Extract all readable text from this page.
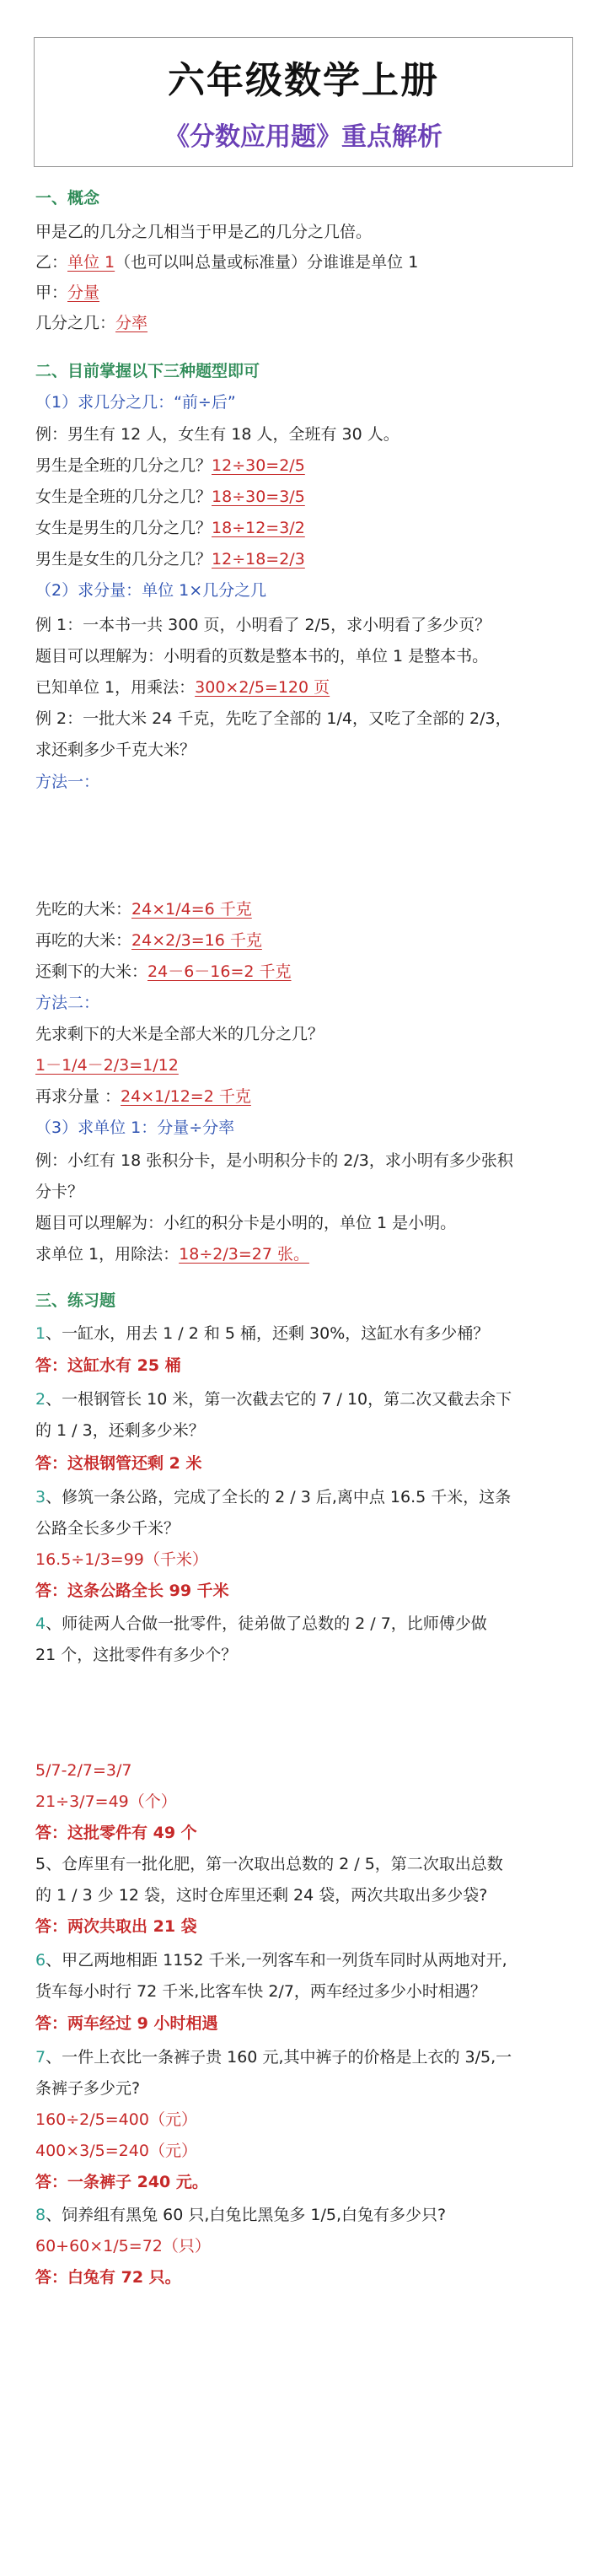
六年级数学上册
《分数应用题》重点解析
一、概念
甲是乙的几分之几相当于甲是乙的几分之几倍。
乙：单位 1（也可以叫总量或标准量）分谁谁是单位 1
甲：分量
几分之几：分率
二、目前掌握以下三种题型即可
（1）求几分之几：“前÷后”
例：男生有 12 人，女生有 18 人，全班有 30 人。
男生是全班的几分之几？12÷30=2/5
女生是全班的几分之几？18÷30=3/5
女生是男生的几分之几？18÷12=3/2
男生是女生的几分之几？12÷18=2/3
（2）求分量：单位 1×几分之几
例 1：一本书一共 300 页，小明看了 2/5，求小明看了多少页？
题目可以理解为：小明看的页数是整本书的，单位 1 是整本书。
已知单位 1，用乘法：300×2/5=120 页
例 2：一批大米 24 千克，先吃了全部的 1/4，又吃了全部的 2/3，
求还剩多少千克大米？
方法一：
先吃的大米：24×1/4=6 千克
再吃的大米：24×2/3=16 千克
还剩下的大米：24－6－16=2 千克
方法二：
先求剩下的大米是全部大米的几分之几？
1－1/4－2/3=1/12
再求分量 ：24×1/12=2 千克
（3）求单位 1：分量÷分率
例：小红有 18 张积分卡，是小明积分卡的 2/3，求小明有多少张积
分卡？
题目可以理解为：小红的积分卡是小明的，单位 1 是小明。
求单位 1，用除法：18÷2/3=27 张。
三、练习题
1、一缸水，用去 1 / 2 和 5 桶，还剩 30%，这缸水有多少桶？
答：这缸水有 25 桶
2、一根钢管长 10 米，第一次截去它的 7 / 10，第二次又截去余下
的 1 / 3，还剩多少米？
答：这根钢管还剩 2 米
3、修筑一条公路，完成了全长的 2 / 3 后,离中点 16.5 千米，这条
公路全长多少千米？
16.5÷1/3=99（千米）
答：这条公路全长 99 千米
4、师徒两人合做一批零件，徒弟做了总数的 2 / 7，比师傅少做
21 个，这批零件有多少个？
5/7-2/7=3/7
21÷3/7=49（个）
答：这批零件有 49 个
5、仓库里有一批化肥，第一次取出总数的 2 / 5，第二次取出总数
的 1 / 3 少 12 袋，这时仓库里还剩 24 袋，两次共取出多少袋?
答：两次共取出 21 袋
6、甲乙两地相距 1152 千米,一列客车和一列货车同时从两地对开,
货车每小时行 72 千米,比客车快 2/7，两车经过多少小时相遇？
答：两车经过 9 小时相遇
7、一件上衣比一条裤子贵 160 元,其中裤子的价格是上衣的 3/5,一
条裤子多少元?
160÷2/5=400（元）
400×3/5=240（元）
答：一条裤子 240 元。
8、饲养组有黑兔 60 只,白兔比黑兔多 1/5,白兔有多少只?
60+60×1/5=72（只）
答：白兔有 72 只。
